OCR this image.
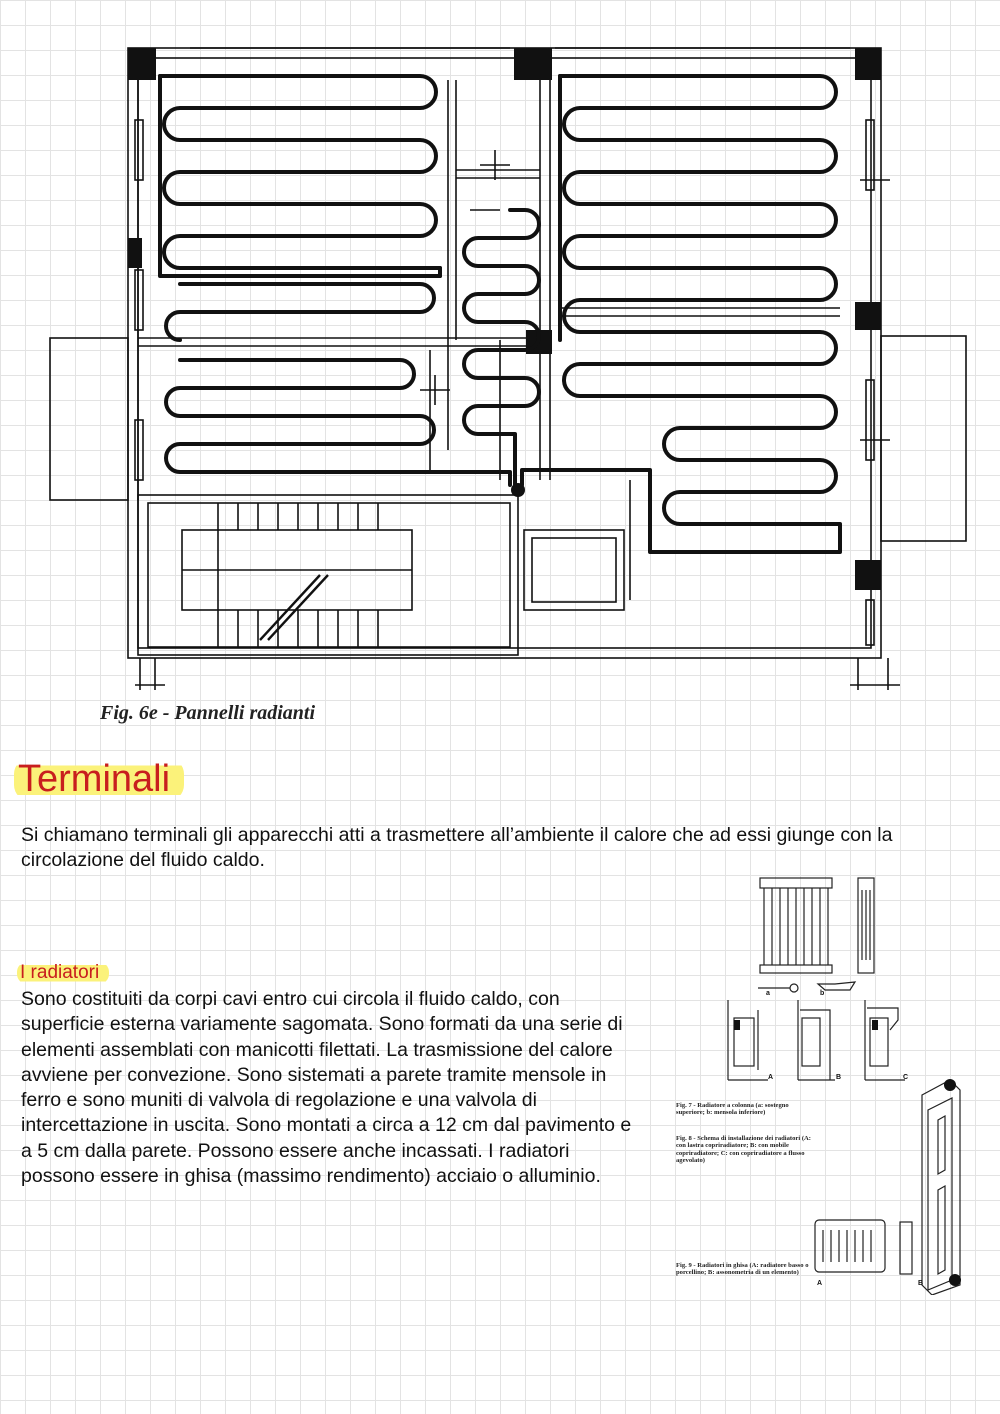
Fig. 6e - Pannelli radianti
Terminali
Si chiamano terminali gli apparecchi atti a trasmettere all’ambiente il calore che ad essi giunge con la circolazione del fluido caldo.
I radiatori
Sono costituiti da corpi cavi entro cui circola il fluido caldo, con superficie esterna variamente sagomata. Sono formati da una serie di elementi assemblati con manicotti filettati. La trasmissione del calore avviene per convezione. Sono sistemati a parete tramite mensole in ferro e sono muniti di valvola di regolazione e una valvola di intercettazione in uscita. Sono montati a circa a 12 cm dal pavimento e a 5 cm dalla parete. Possono essere anche incassati. I radiatori possono essere in ghisa (massimo rendimento) acciaio o alluminio.
a	b
A	B	C
A	B
Fig. 7 - Radiatore a colonna (a: sostegno superiore; b: mensola inferiore)
Fig. 8 - Schema di installazione dei radiatori (A: con lastra copriradiatore; B: con mobile copriradiatore; C: con copriradiatore a flusso agevolato)
Fig. 9 - Radiatori in ghisa (A: radiatore basso o porcellino; B: assonometria di un elemento)
